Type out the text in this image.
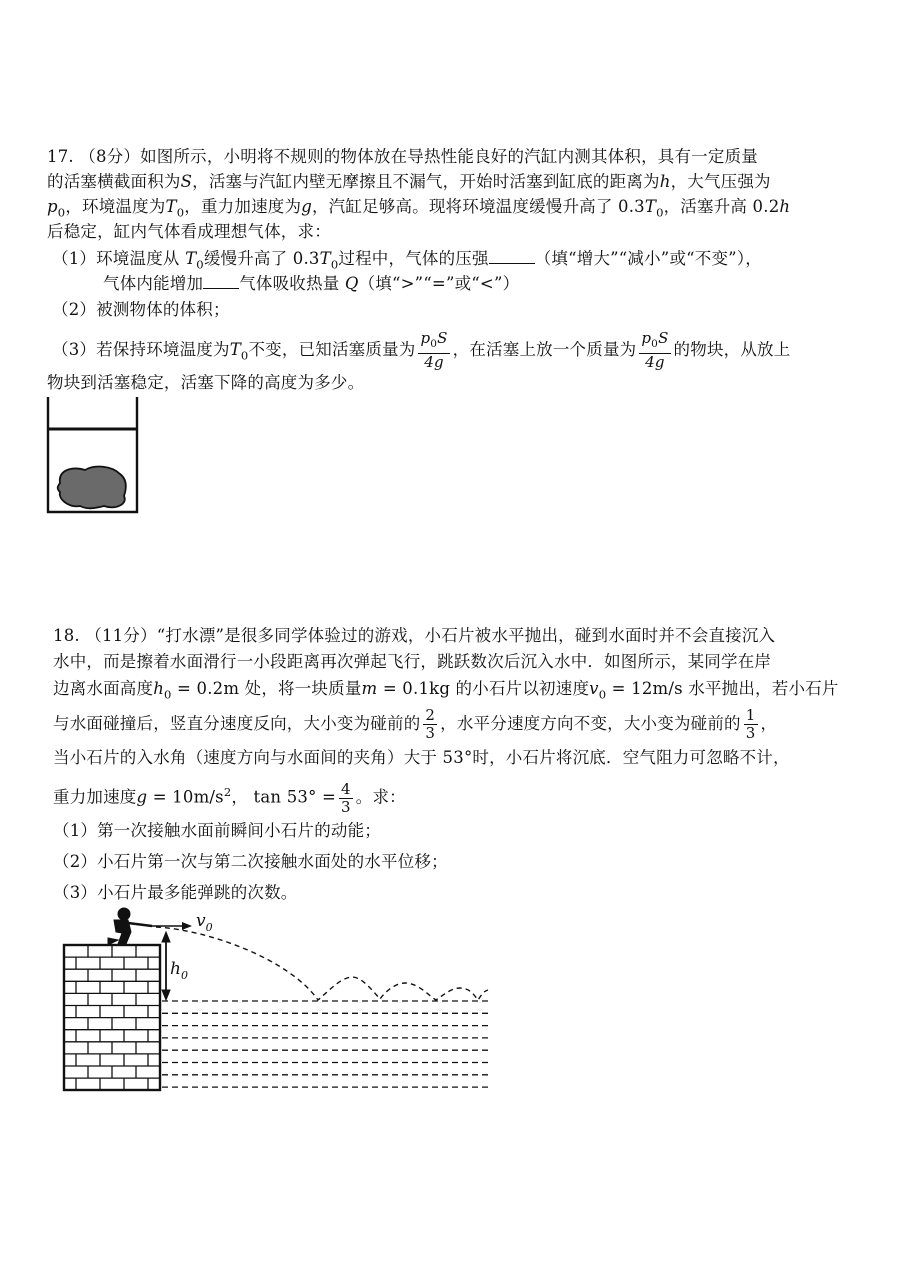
17. （8分）如图所示，小明将不规则的物体放在导热性能良好的汽缸内测其体积，具有一定质量
的活塞横截面积为S，活塞与汽缸内壁无摩擦且不漏气，开始时活塞到缸底的距离为h，大气压强为
$p_0$，环境温度为$T_0$，重力加速度为g，汽缸足够高。现将环境温度缓慢升高了 $0.3T_0$，活塞升高 0.2h
后稳定，缸内气体看成理想气体，求：
（1）环境温度从 $T_0$缓慢升高了 $0.3T_0$过程中，气体的压强	（填“增大”“减小”或“不变”），
气体内能增加 气体吸收热量 Q（填“>”“=”或“<”）
（2）被测物体的体积；
（3）若保持环境温度为$T_0$不变，已知活塞质量为 $\frac{p_0S}{4g}$ ，在活塞上放一个质量为 $\frac{p_0S}{4g}$ 的物块，从放上
物块到活塞稳定，活塞下降的高度为多少。
18. （11分）“打水漂”是很多同学体验过的游戏，小石片被水平抛出，碰到水面时并不会直接沉入
水中，而是擦着水面滑行一小段距离再次弹起飞行，跳跃数次后沉入水中．如图所示，某同学在岸
边离水面高度$h_0 = 0.2m$ 处，将一块质量m = 0.1kg 的小石片以初速度$v_0 = 12m/s$ 水平抛出，若小石片
与水面碰撞后，竖直分速度反向，大小变为碰前的 $\frac{2}{3}$ ，水平分速度方向不变，大小变为碰前的 $\frac{1}{3}$ ，
当小石片的入水角（速度方向与水面间的夹角）大于 53°时，小石片将沉底．空气阻力可忽略不计，
重力加速度$g = 10m/s^2$， $\tan 53^\circ = \frac{4}{3}$ 。求：
（1）第一次接触水面前瞬间小石片的动能；
（2）小石片第一次与第二次接触水面处的水平位移；
（3）小石片最多能弹跳的次数。
$v_0$
$h_0$
